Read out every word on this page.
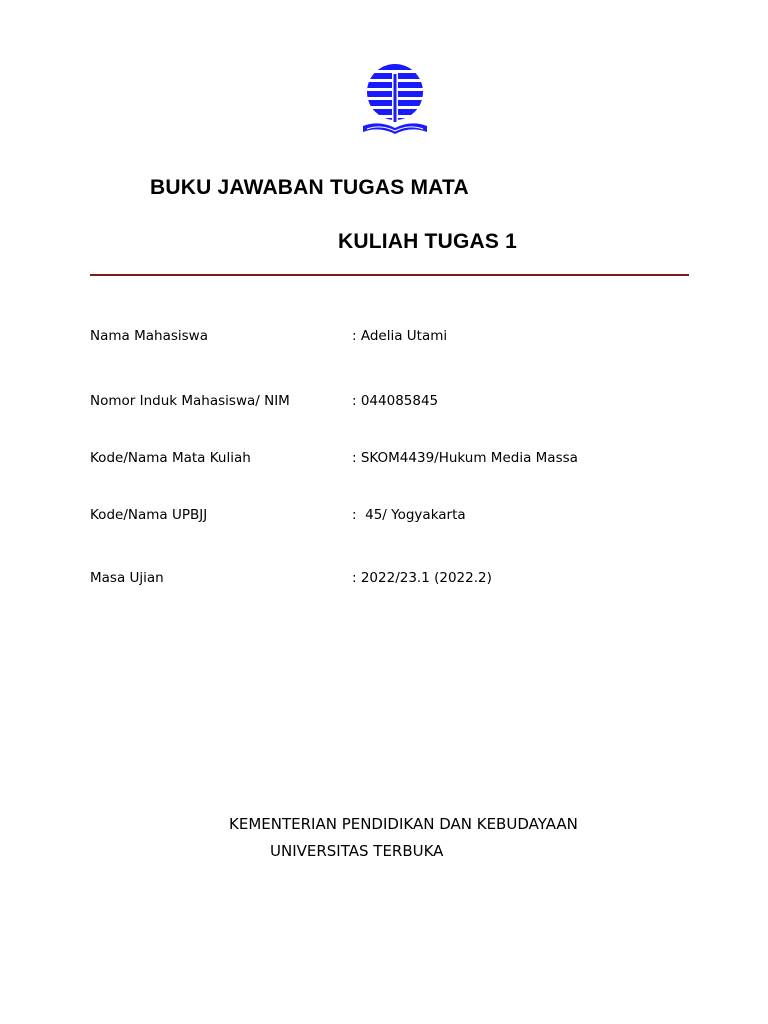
BUKU JAWABAN TUGAS MATA
KULIAH TUGAS 1
Nama Mahasiswa	: Adelia Utami
Nomor Induk Mahasiswa/ NIM	: 044085845
Kode/Nama Mata Kuliah	: SKOM4439/Hukum Media Massa
Kode/Nama UPBJJ	:  45/ Yogyakarta
Masa Ujian	: 2022/23.1 (2022.2)
KEMENTERIAN PENDIDIKAN DAN KEBUDAYAAN
UNIVERSITAS TERBUKA
